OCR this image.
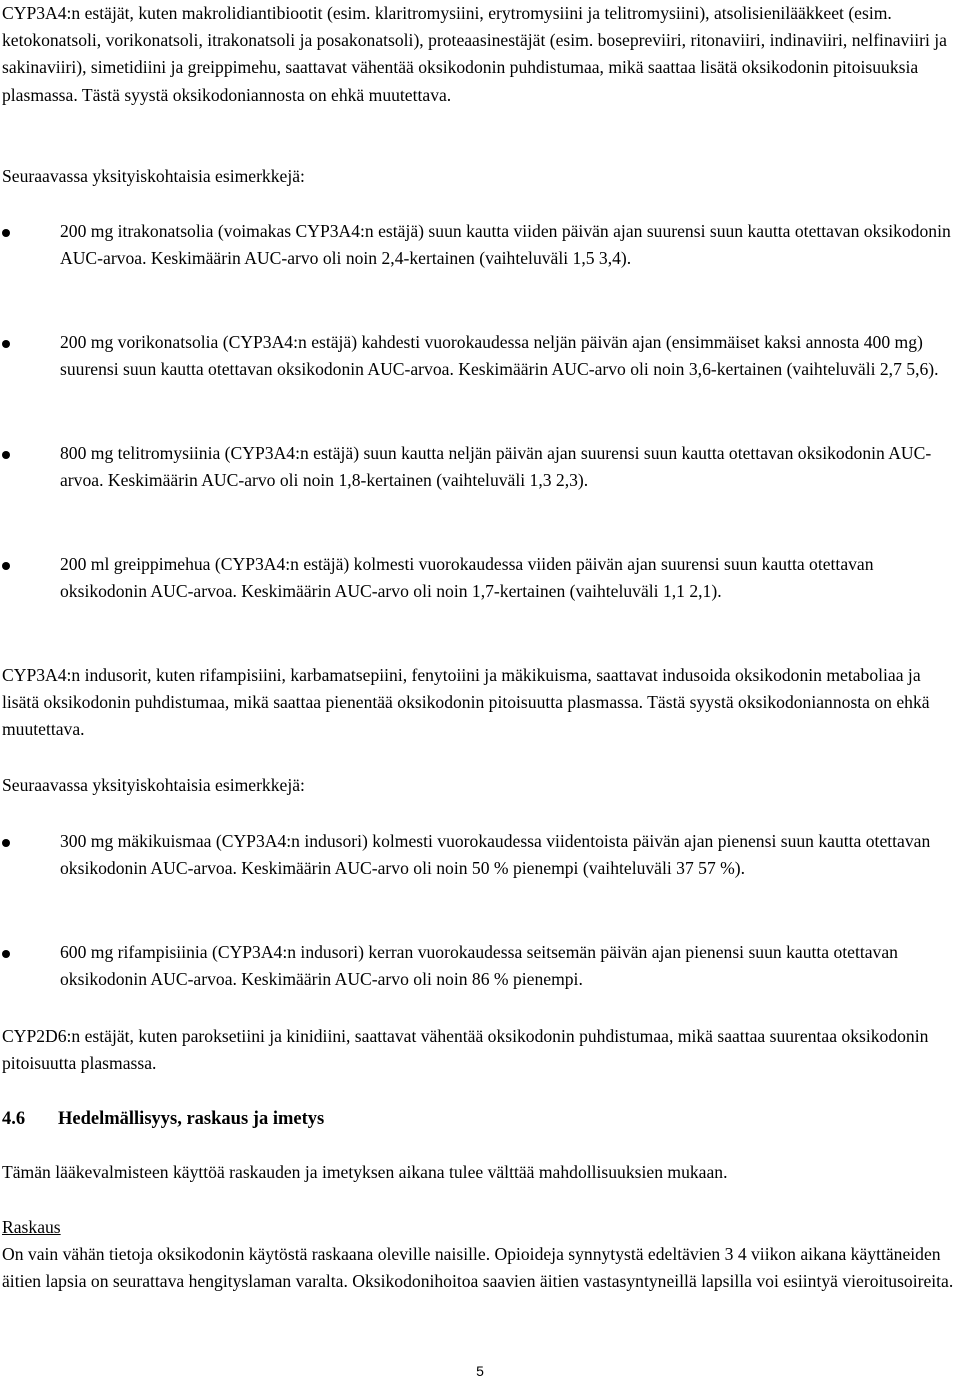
CYP3A4:n estäjät, kuten makrolidiantibiootit (esim. klaritromysiini, erytromysiini ja telitromysiini), atsolisienilääkkeet (esim. ketokonatsoli, vorikonatsoli, itrakonatsoli ja posakonatsoli), proteaasinestäjät (esim. bosepreviiri, ritonaviiri, indinaviiri, nelfinaviiri ja sakinaviiri), simetidiini ja greippimehu, saattavat vähentää oksikodonin puhdistumaa, mikä saattaa lisätä oksikodonin pitoisuuksia plasmassa. Tästä syystä oksikodoniannosta on ehkä muutettava.

Seuraavassa yksityiskohtaisia esimerkkejä:

200 mg itrakonatsolia (voimakas CYP3A4:n estäjä) suun kautta viiden päivän ajan suurensi suun kautta otettavan oksikodonin AUC-arvoa. Keskimäärin AUC-arvo oli noin 2,4-kertainen (vaihteluväli 1,5 3,4).
200 mg vorikonatsolia (CYP3A4:n estäjä) kahdesti vuorokaudessa neljän päivän ajan (ensimmäiset kaksi annosta 400 mg) suurensi suun kautta otettavan oksikodonin AUC-arvoa. Keskimäärin AUC-arvo oli noin 3,6-kertainen (vaihteluväli 2,7 5,6).
800 mg telitromysiinia (CYP3A4:n estäjä) suun kautta neljän päivän ajan suurensi suun kautta otettavan oksikodonin AUC-arvoa. Keskimäärin AUC-arvo oli noin 1,8-kertainen (vaihteluväli 1,3 2,3).
200 ml greippimehua (CYP3A4:n estäjä) kolmesti vuorokaudessa viiden päivän ajan suurensi suun kautta otettavan oksikodonin AUC-arvoa. Keskimäärin AUC-arvo oli noin 1,7-kertainen (vaihteluväli 1,1 2,1).

CYP3A4:n indusorit, kuten rifampisiini, karbamatsepiini, fenytoiini ja mäkikuisma, saattavat indusoida oksikodonin metaboliaa ja lisätä oksikodonin puhdistumaa, mikä saattaa pienentää oksikodonin pitoisuutta plasmassa. Tästä syystä oksikodoniannosta on ehkä muutettava.

Seuraavassa yksityiskohtaisia esimerkkejä:

300 mg mäkikuismaa (CYP3A4:n indusori) kolmesti vuorokaudessa viidentoista päivän ajan pienensi suun kautta otettavan oksikodonin AUC-arvoa. Keskimäärin AUC-arvo oli noin 50 % pienempi (vaihteluväli 37 57 %).
600 mg rifampisiinia (CYP3A4:n indusori) kerran vuorokaudessa seitsemän päivän ajan pienensi suun kautta otettavan oksikodonin AUC-arvoa. Keskimäärin AUC-arvo oli noin 86 % pienempi.

CYP2D6:n estäjät, kuten paroksetiini ja kinidiini, saattavat vähentää oksikodonin puhdistumaa, mikä saattaa suurentaa oksikodonin pitoisuutta plasmassa.

4.6 Hedelmällisyys, raskaus ja imetys

Tämän lääkevalmisteen käyttöä raskauden ja imetyksen aikana tulee välttää mahdollisuuksien mukaan.

Raskaus

On vain vähän tietoja oksikodonin käytöstä raskaana oleville naisille. Opioideja synnytystä edeltävien 3 4 viikon aikana käyttäneiden äitien lapsia on seurattava hengityslaman varalta. Oksikodonihoitoa saavien äitien vastasyntyneillä lapsilla voi esiintyä vieroitusoireita.

5
